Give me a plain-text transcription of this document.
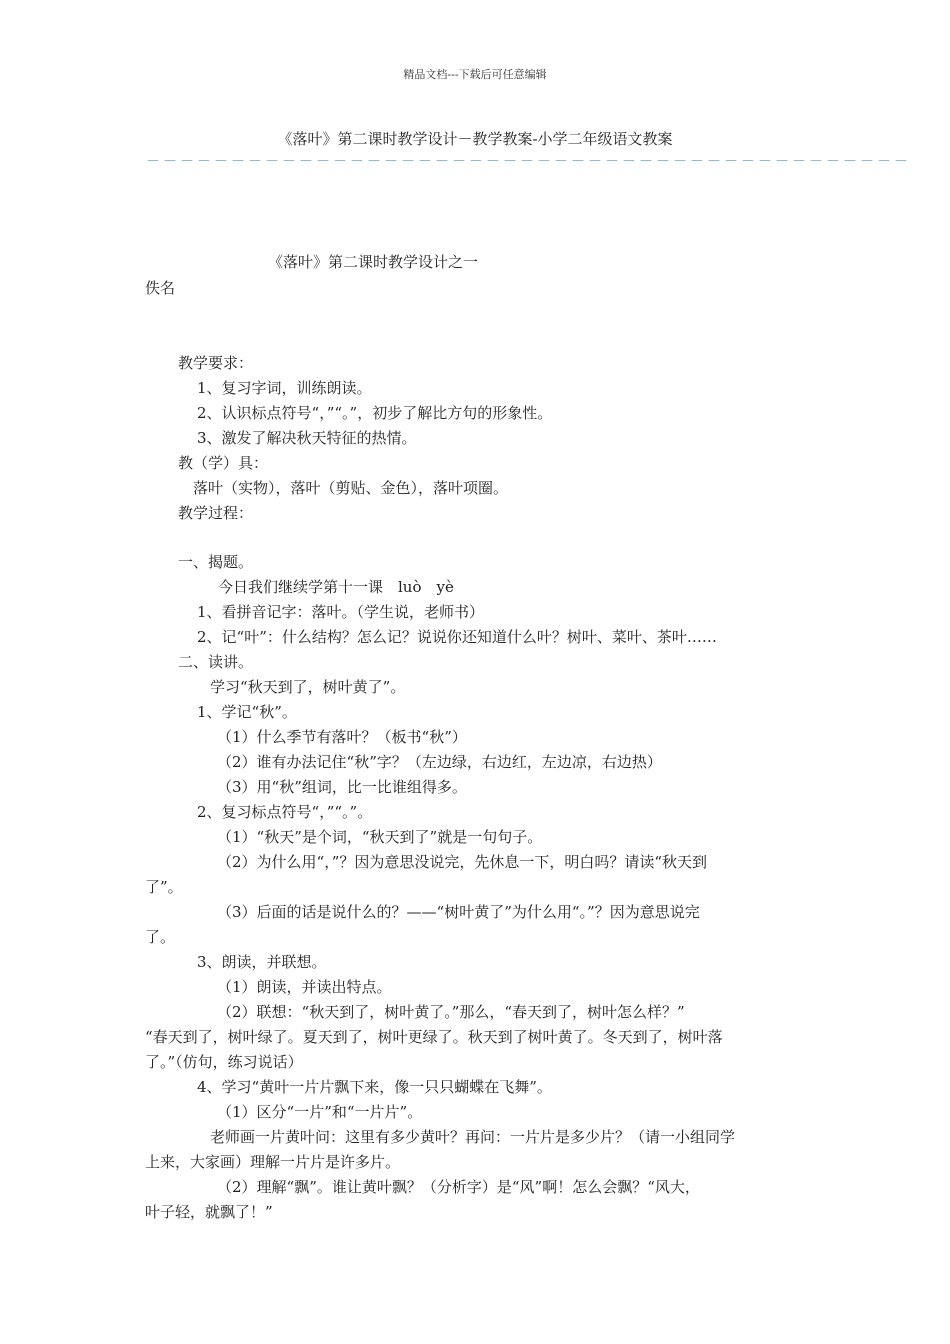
精品文档---下载后可任意编辑
《落叶》第二课时教学设计－教学教案-小学二年级语文教案
－－－－－－－－－－－－－－－－－－－－－－－－－－－－－－－－－－－－－－－－－－－－－
《落叶》第二课时教学设计之一
佚名
教学要求：
1、复习字词，训练朗读。
2、认识标点符号“，”“。”，初步了解比方句的形象性。
3、激发了解决秋天特征的热情。
教（学）具：
落叶（实物），落叶（剪贴、金色），落叶项圈。
教学过程：
一、揭题。
今日我们继续学第十一课　luò　yè
1、看拼音记字：落叶。（学生说，老师书）
2、记“叶”：什么结构？怎么记？说说你还知道什么叶？树叶、菜叶、茶叶……
二、读讲。
学习“秋天到了，树叶黄了”。
1、学记“秋”。
（1）什么季节有落叶？（板书“秋”）
（2）谁有办法记住“秋”字？（左边绿，右边红，左边凉，右边热）
（3）用“秋”组词，比一比谁组得多。
2、复习标点符号“，”“。”。
（1）“秋天”是个词，“秋天到了”就是一句句子。
（2）为什么用“，”？因为意思没说完，先休息一下，明白吗？请读“秋天到
了”。
（3）后面的话是说什么的？——“树叶黄了”为什么用“。”？因为意思说完
了。
3、朗读，并联想。
（1）朗读，并读出特点。
（2）联想：“秋天到了，树叶黄了。”那么，“春天到了，树叶怎么样？”
“春天到了，树叶绿了。夏天到了，树叶更绿了。秋天到了树叶黄了。冬天到了，树叶落
了。”（仿句，练习说话）
4、学习“黄叶一片片飘下来，像一只只蝴蝶在飞舞”。
（1）区分“一片”和“一片片”。
老师画一片黄叶问：这里有多少黄叶？再问：一片片是多少片？（请一小组同学
上来，大家画）理解一片片是许多片。
（2）理解“飘”。谁让黄叶飘？（分析字）是“风”啊！怎么会飘？“风大，
叶子轻，就飘了！”
